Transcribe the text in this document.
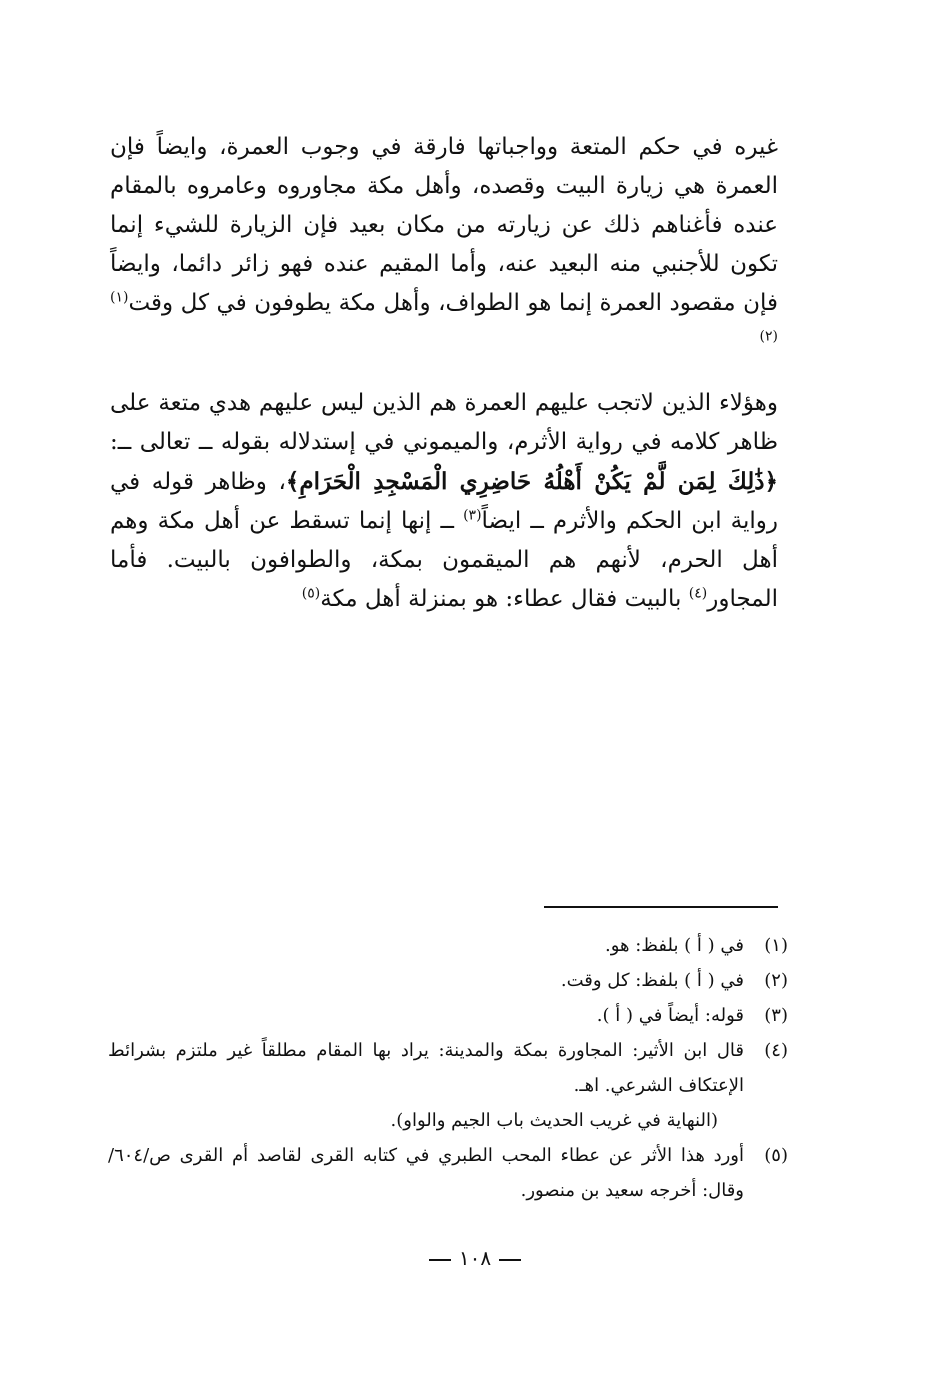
غيره في حكم المتعة وواجباتها فارقة في وجوب العمرة، وايضاً فإن العمرة هي زيارة البيت وقصده، وأهل مكة مجاوروه وعامروه بالمقام عنده فأغناهم ذلك عن زيارته من مكان بعيد فإن الزيارة للشيء إنما تكون للأجنبي منه البعيد عنه، وأما المقيم عنده فهو زائر دائما، وايضاً فإن مقصود العمرة إنما هو الطواف، وأهل مكة يطوفون في كل وقت$^{(١)(٢)}$

وهؤلاء الذين لاتجب عليهم العمرة هم الذين ليس عليهم هدي متعة على ظاهر كلامه في رواية الأثرم، والميموني في إستدلاله بقوله ــ تعالى ــ: ﴿ذَٰلِكَ لِمَن لَّمْ يَكُنْ أَهْلُهُ حَاضِرِي الْمَسْجِدِ الْحَرَامِ﴾، وظاهر قوله في رواية ابن الحكم والأثرم ــ ايضاً$^{(٣)}$ ــ إنها إنما تسقط عن أهل مكة وهم أهل الحرم، لأنهم هم الميقمون بمكة، والطوافون بالبيت. فأما المجاور$^{(٤)}$ بالبيت فقال عطاء: هو بمنزلة أهل مكة$^{(٥)}$

(١)
في ( أ ) بلفظ: هو.
(٢)
في ( أ ) بلفظ: كل وقت.
(٣)
قوله: أيضاً في ( أ ).
(٤)
قال ابن الأثير: المجاورة بمكة والمدينة: يراد بها المقام مطلقاً غير ملتزم بشرائط الإعتكاف الشرعي. اهـ.
(النهاية في غريب الحديث باب الجيم والواو).
(٥)
أورد هذا الأثر عن عطاء المحب الطبري في كتابه القرى لقاصد أم القرى ص/٦٠٤/ وقال: أخرجه سعيد بن منصور.
١٠٨
